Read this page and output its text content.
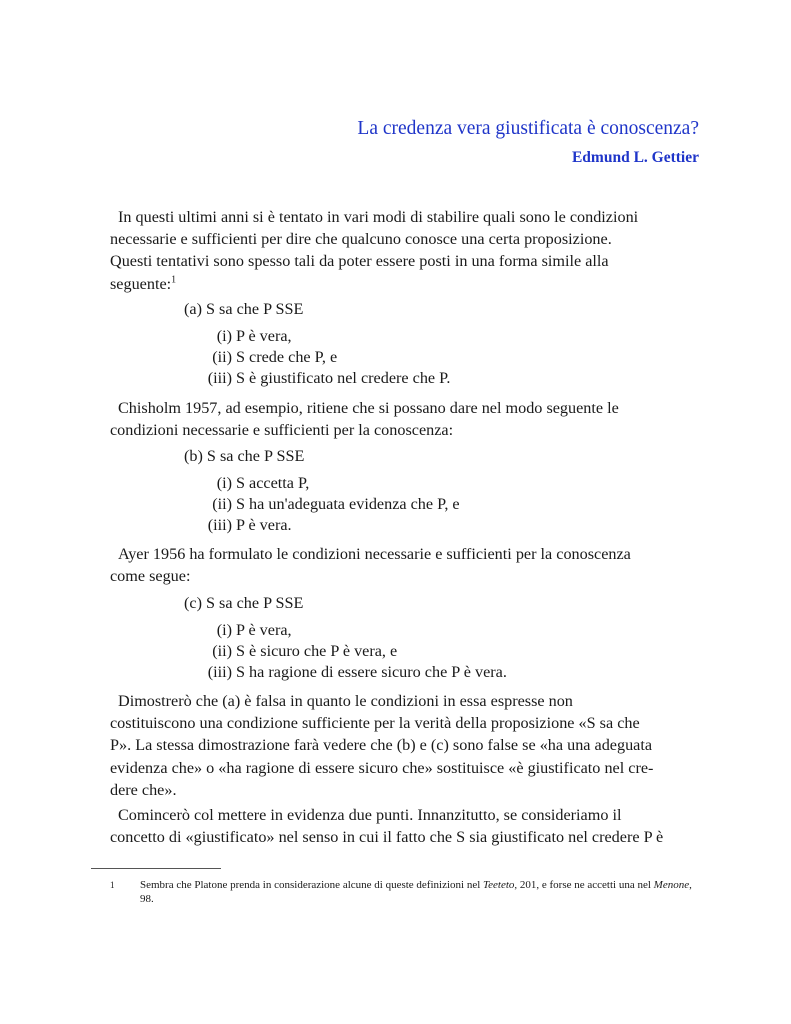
La credenza vera giustificata è conoscenza?
Edmund L. Gettier
In questi ultimi anni si è tentato in vari modi di stabilire quali sono le condizioni
necessarie e sufficienti per dire che qualcuno conosce una certa proposizione.
Questi tentativi sono spesso tali da poter essere posti in una forma simile alla
seguente:$^1$
(a) S sa che P SSE
(i) P è vera,
(ii) S crede che P, e
(iii) S è giustificato nel credere che P.
Chisholm 1957, ad esempio, ritiene che si possano dare nel modo seguente le
condizioni necessarie e sufficienti per la conoscenza:
(b) S sa che P SSE
(i) S accetta P,
(ii) S ha un'adeguata evidenza che P, e
(iii) P è vera.
Ayer 1956 ha formulato le condizioni necessarie e sufficienti per la conoscenza
come segue:
(c) S sa che P SSE
(i) P è vera,
(ii) S è sicuro che P è vera, e
(iii) S ha ragione di essere sicuro che P è vera.
Dimostrerò che (a) è falsa in quanto le condizioni in essa espresse non
costituiscono una condizione sufficiente per la verità della proposizione «S sa che
P». La stessa dimostrazione farà vedere che (b) e (c) sono false se «ha una adeguata
evidenza che» o «ha ragione di essere sicuro che» sostituisce «è giustificato nel cre-
dere che».
Comincerò col mettere in evidenza due punti. Innanzitutto, se consideriamo il
concetto di «giustificato» nel senso in cui il fatto che S sia giustificato nel credere P è
1 Sembra che Platone prenda in considerazione alcune di queste definizioni nel Teeteto, 201, e forse ne accetti una nel Menone,
98.
